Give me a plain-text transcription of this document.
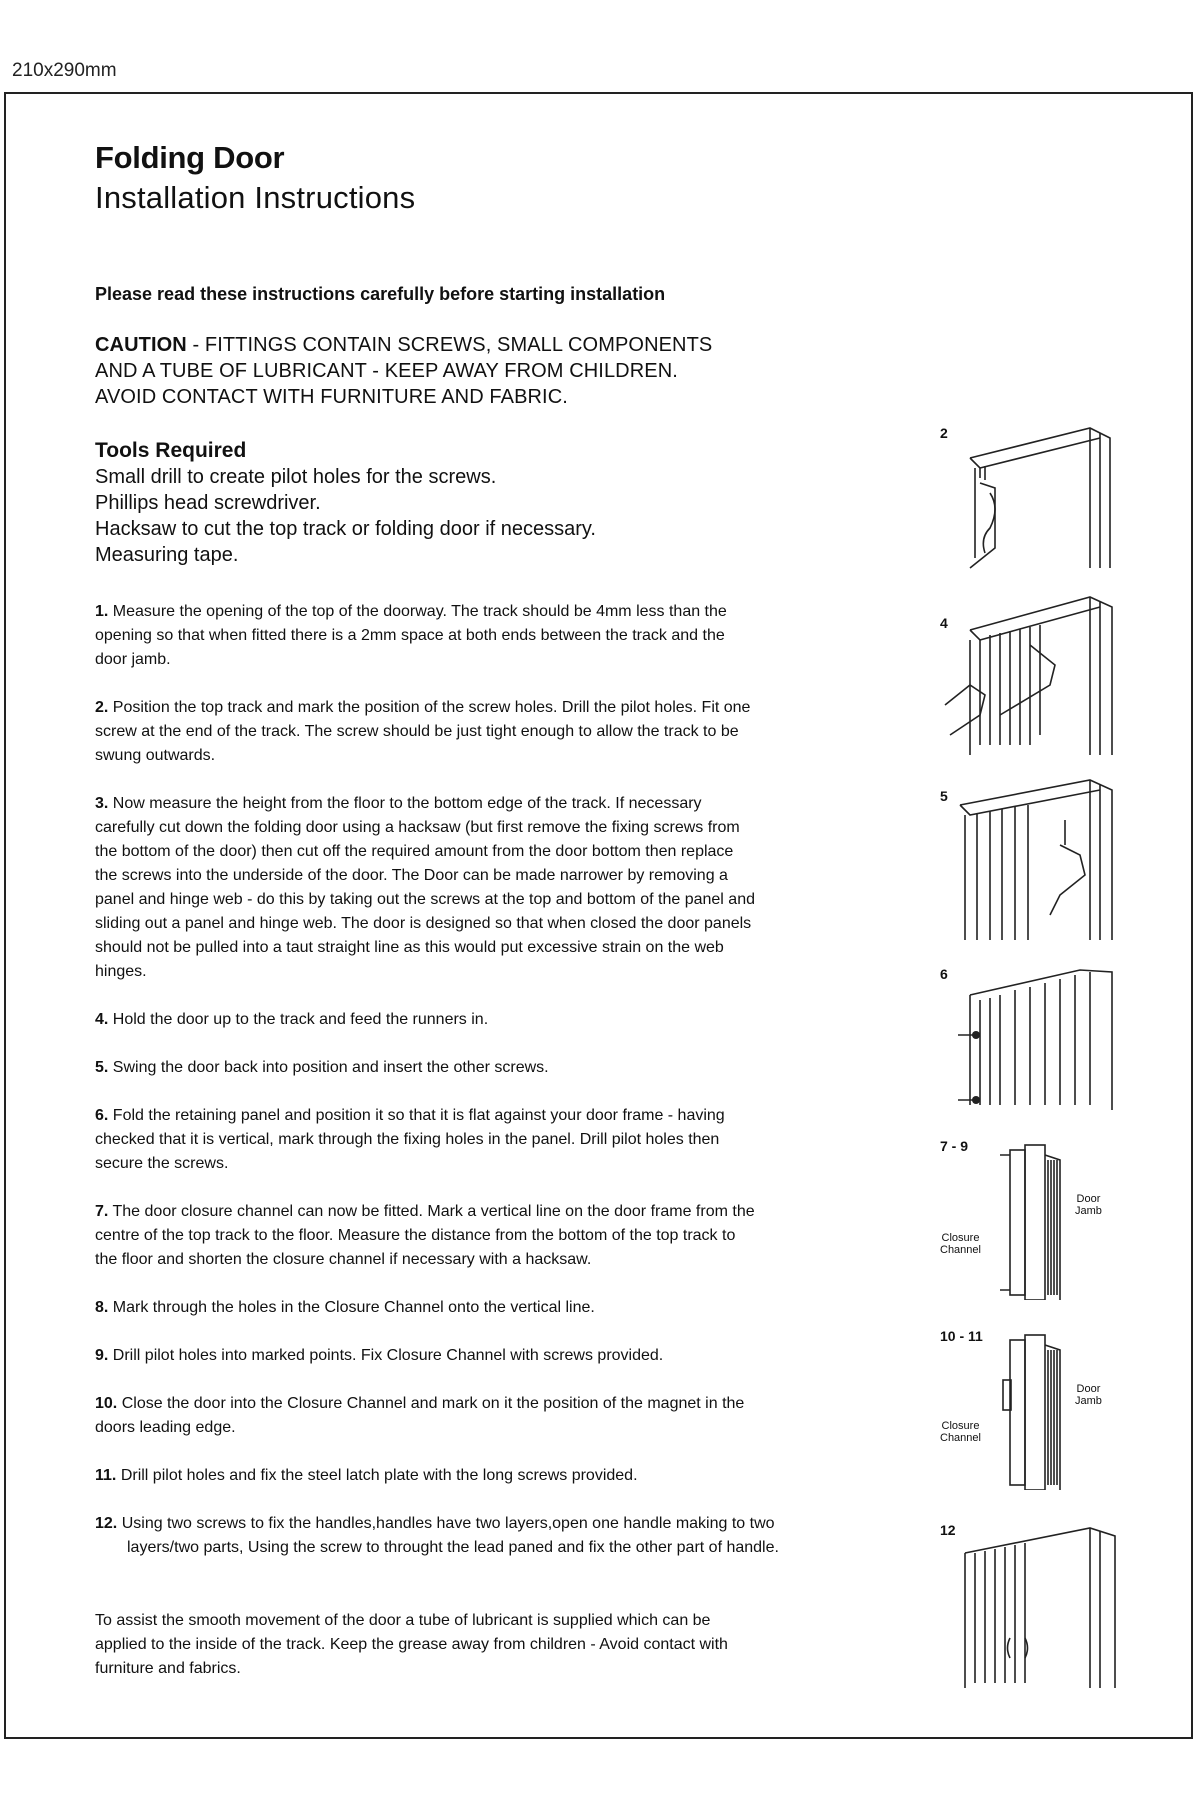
210x290mm
Folding Door
Installation Instructions

Please read these instructions carefully before starting installation

CAUTION - FITTINGS CONTAIN SCREWS, SMALL COMPONENTS
AND A TUBE OF LUBRICANT - KEEP AWAY FROM CHILDREN.
AVOID CONTACT WITH FURNITURE AND FABRIC.
Tools Required
Small drill to create pilot holes for the screws.
Phillips head screwdriver.
Hacksaw to cut the top track or folding door if necessary.
Measuring tape.
1. Measure the opening of the top of the doorway. The track should be 4mm less than the
opening so that when fitted there is a 2mm space at both ends between the track and the
door jamb.
2. Position the top track and mark the position of the screw holes. Drill the pilot holes. Fit one
screw at the end of the track. The screw should be just tight enough to allow the track to be
swung outwards.
3. Now measure the height from the floor to the bottom edge of the track. If necessary
carefully cut down the folding door using a hacksaw (but first remove the fixing screws from
the bottom of the door) then cut off the required amount from the door bottom then replace
the screws into the underside of the door. The Door can be made narrower by removing a
panel and hinge web - do this by taking out the screws at the top and bottom of the panel and
sliding out a panel and hinge web. The door is designed so that when closed the door panels
should not be pulled into a taut straight line as this would put excessive strain on the web
hinges.
4. Hold the door up to the track and feed the runners in.
5. Swing the door back into position and insert the other screws.
6. Fold the retaining panel and position it so that it is flat against your door frame - having
checked that it is vertical, mark through the fixing holes in the panel. Drill pilot holes then
secure the screws.
7. The door closure channel can now be fitted. Mark a vertical line on the door frame from the
centre of the top track to the floor. Measure the distance from the bottom of the top track to
the floor and shorten the closure channel if necessary with a hacksaw.
8. Mark through the holes in the Closure Channel onto the vertical line.
9. Drill pilot holes into marked points. Fix Closure Channel with screws provided.
10. Close the door into the Closure Channel and mark on it the position of the magnet in the
doors leading edge.
11. Drill pilot holes and fix the steel latch plate with the long screws provided.
12. Using two screws to fix the handles,handles have two layers,open one handle making to two
layers/two parts, Using the screw to throught the lead paned and fix the other part of handle.
To assist the smooth movement of the door a tube of lubricant is supplied which can be
applied to the inside of the track. Keep the grease away from children - Avoid contact with
furniture and fabrics.
2
4
5
6
7 - 9
Door
Jamb
Closure
Channel
10 - 11
Door
Jamb
Closure
Channel
12
